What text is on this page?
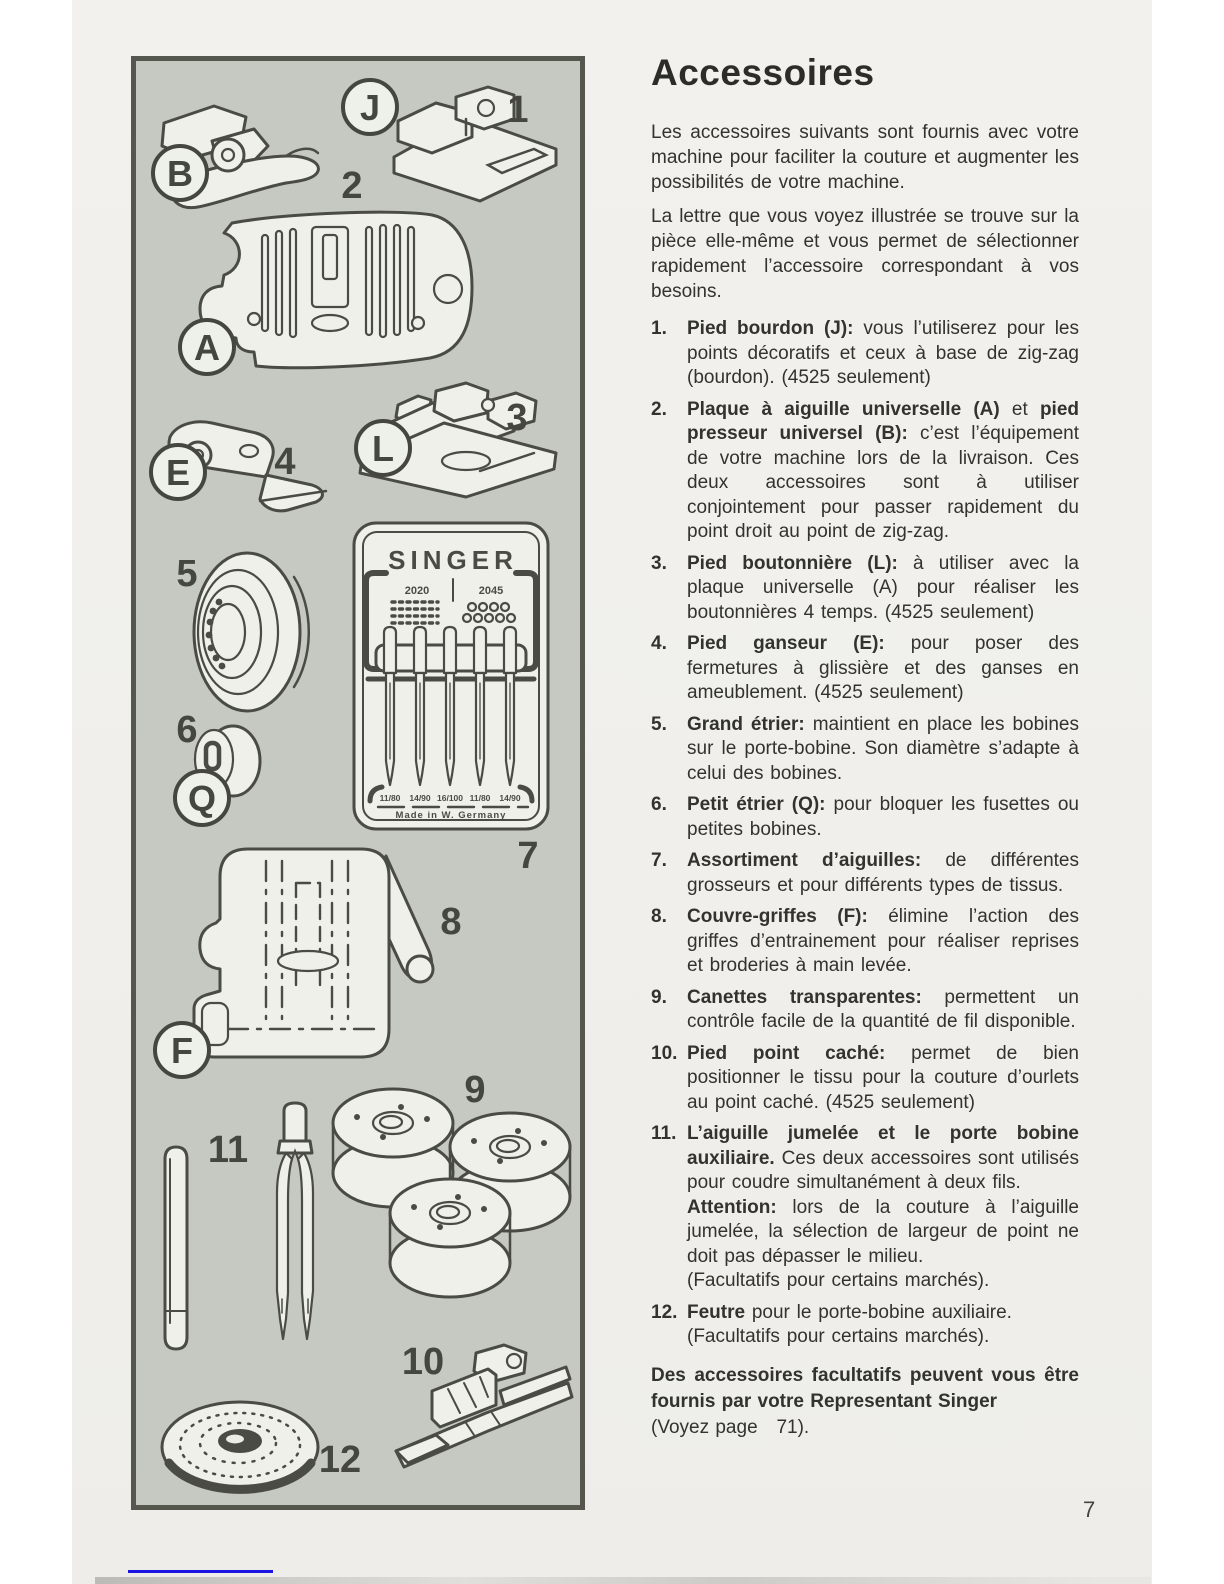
SINGER
2020	2045
11/80 14/90 16/100 11/80 14/90
Made in W. Germany
J
B
A
E
L
Q
F
1
2
3
4
5
6
7
8
9
10
11
12
Accessoires

Les accessoires suivants sont fournis avec votre machine pour faciliter la couture et augmenter les possibilités de votre machine.

La lettre que vous voyez illustrée se trouve sur la pièce elle-même et vous permet de sélectionner rapidement l’accessoire correspondant à vos besoins.

1.	Pied bourdon (J): vous l’utiliserez pour les points décoratifs et ceux à base de zig-zag (bourdon). (4525 seulement)
2.	Plaque à aiguille universelle (A) et pied presseur universel (B): c’est l’équipement de votre machine lors de la livraison. Ces deux accessoires sont à utiliser conjointement pour passer rapidement du point droit au point de zig-zag.
3.	Pied boutonnière (L): à utiliser avec la plaque universelle (A) pour réaliser les boutonnières 4 temps. (4525 seulement)
4.	Pied ganseur (E): pour poser des fermetures à glissière et des ganses en ameublement. (4525 seulement)
5.	Grand étrier: maintient en place les bobines sur le porte-bobine. Son diamètre s’adapte à celui des bobines.
6.	Petit étrier (Q): pour bloquer les fusettes ou petites bobines.
7.	Assortiment d’aiguilles: de différentes grosseurs et pour différents types de tissus.
8.	Couvre-griffes (F): élimine l’action des griffes d’entrainement pour réaliser reprises et broderies à main levée.
9.	Canettes transparentes: permettent un contrôle facile de la quantité de fil disponible.
10. Pied point caché: permet de bien positionner le tissu pour la couture d’ourlets au point caché. (4525 seulement)
11. L’aiguille jumelée et le porte bobine auxiliaire. Ces deux accessoires sont utilisés pour coudre simultanément à deux fils.
Attention: lors de la couture à l’aiguille jumelée, la sélection de largeur de point ne doit pas dépasser le milieu.
(Facultatifs pour certains marchés).
12. Feutre pour le porte-bobine auxiliaire.
(Facultatifs pour certains marchés).
Des accessoires facultatifs peuvent vous être fournis par votre Representant Singer
(Voyez page   71).
7
